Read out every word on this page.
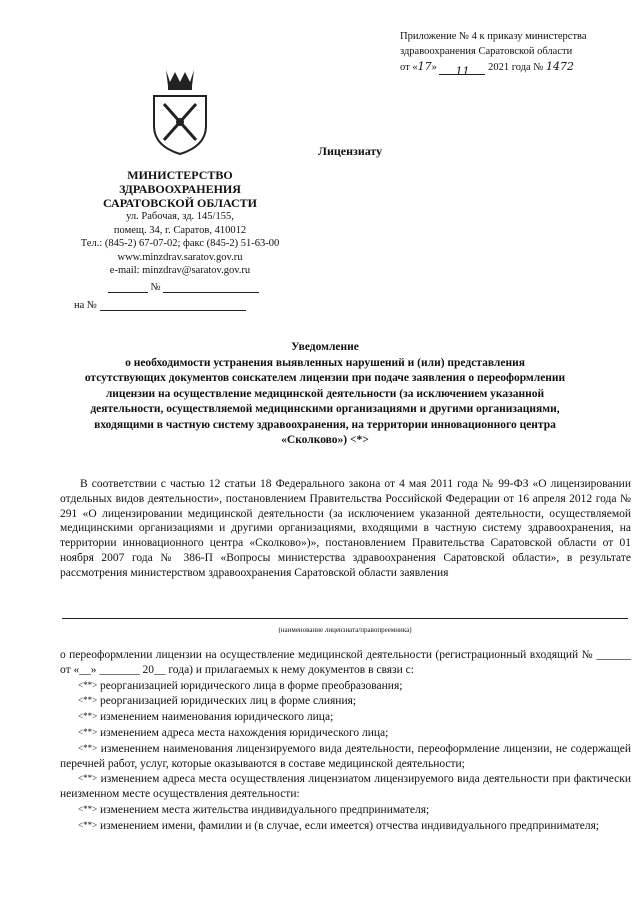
Приложение № 4 к приказу министерства
здравоохранения Саратовской области
от «17» 11 2021 года № 1472
Лицензиату
МИНИСТЕРСТВО
ЗДРАВООХРАНЕНИЯ
САРАТОВСКОЙ ОБЛАСТИ
ул. Рабочая, зд. 145/155,
помещ. 34, г. Саратов, 410012
Тел.: (845-2) 67-07-02; факс (845-2) 51-63-00
www.minzdrav.saratov.gov.ru
e-mail: minzdrav@saratov.gov.ru
№
на №
Уведомление
о необходимости устранения выявленных нарушений и (или) представления
отсутствующих документов соискателем лицензии при подаче заявления о переоформлении
лицензии на осуществление медицинской деятельности (за исключением указанной
деятельности, осуществляемой медицинскими организациями и другими организациями,
входящими в частную систему здравоохранения, на территории инновационного центра
«Сколково») <*>

В соответствии с частью 12 статьи 18 Федерального закона от 4 мая 2011 года № 99-ФЗ «О лицензировании отдельных видов деятельности», постановлением Правительства Российской Федерации от 16 апреля 2012 года № 291 «О лицензировании медицинской деятельности (за исключением указанной деятельности, осуществляемой медицинскими организациями и другими организациями, входящими в частную систему здравоохранения, на территории инновационного центра «Сколково»)», постановлением Правительства Саратовской области от 01 ноября 2007 года № 386-П «Вопросы министерства здравоохранения Саратовской области», в результате рассмотрения министерством здравоохранения Саратовской области заявления

(наименование лицензиата/правопреемника)

о переоформлении лицензии на осуществление медицинской деятельности (регистрационный входящий № ______ от «__» _______ 20__ года) и прилагаемых к нему документов в связи с:

<**> реорганизацией юридического лица в форме преобразования;

<**> реорганизацией юридических лиц в форме слияния;

<**> изменением наименования юридического лица;

<**> изменением адреса места нахождения юридического лица;

<**> изменением наименования лицензируемого вида деятельности, переоформление лицензии, не содержащей перечней работ, услуг, которые оказываются в составе медицинской деятельности;

<**> изменением адреса места осуществления лицензиатом лицензируемого вида деятельности при фактически неизменном месте осуществления деятельности:

<**> изменением места жительства индивидуального предпринимателя;

<**> изменением имени, фамилии и (в случае, если имеется) отчества индивидуального предпринимателя;
